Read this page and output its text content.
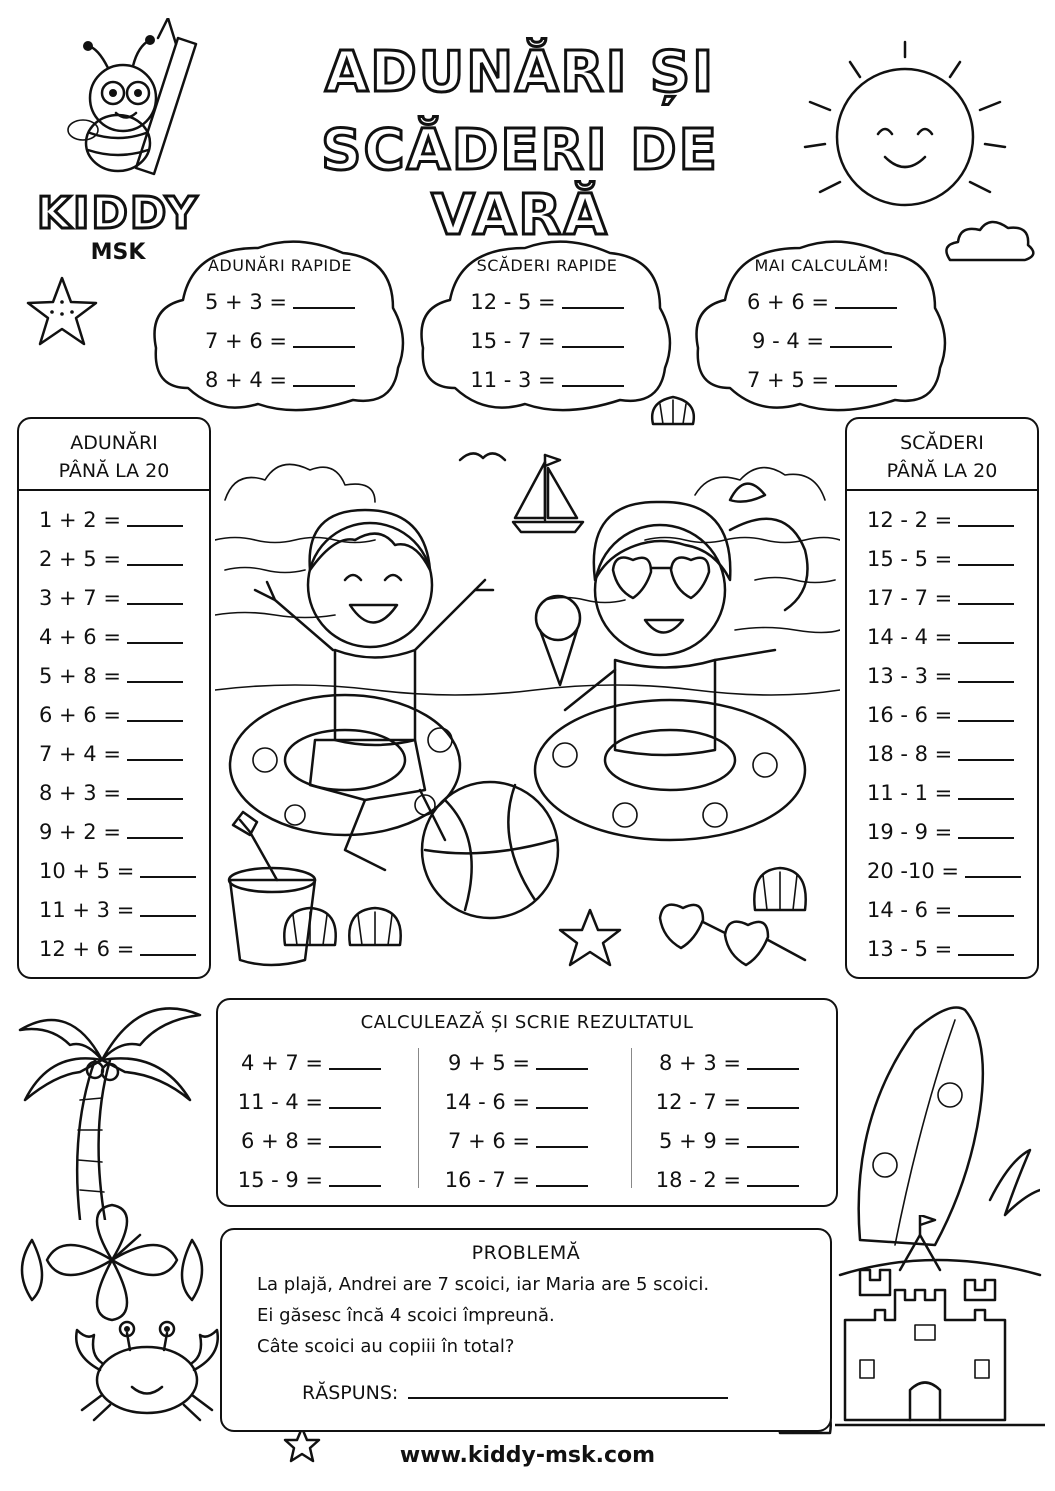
KIDDY
MSK
ADUNĂRI ȘI
SCĂDERI DE VARĂ
ADUNĂRI RAPIDE
5 + 3 =
7 + 6 =
8 + 4 =
SCĂDERI RAPIDE
12 - 5 =
15 - 7 =
11 - 3 =
MAI CALCULĂM!
6 + 6 =
9 - 4 =
7 + 5 =
ADUNĂRI
PÂNĂ LA 20
1 + 2 =
2 + 5 =
3 + 7 =
4 + 6 =
5 + 8 =
6 + 6 =
7 + 4 =
8 + 3 =
9 + 2 =
10 + 5 =
11 + 3 =
12 + 6 =
SCĂDERI
PÂNĂ LA 20
12 - 2 =
15 - 5 =
17 - 7 =
14 - 4 =
13 - 3 =
16 - 6 =
18 - 8 =
11 - 1 =
19 - 9 =
20 -10 =
14 - 6 =
13 - 5 =
CALCULEAZĂ ȘI SCRIE REZULTATUL
4 + 7 =
11 - 4 =
6 + 8 =
15 - 9 =
9 + 5 =
14 - 6 =
7 + 6 =
16 - 7 =
8 + 3 =
12 - 7 =
5 + 9 =
18 - 2 =
PROBLEMĂ
La plajă, Andrei are 7 scoici, iar Maria are 5 scoici.
Ei găsesc încă 4 scoici împreună.
Câte scoici au copiii în total?
RĂSPUNS:
www.kiddy-msk.com
